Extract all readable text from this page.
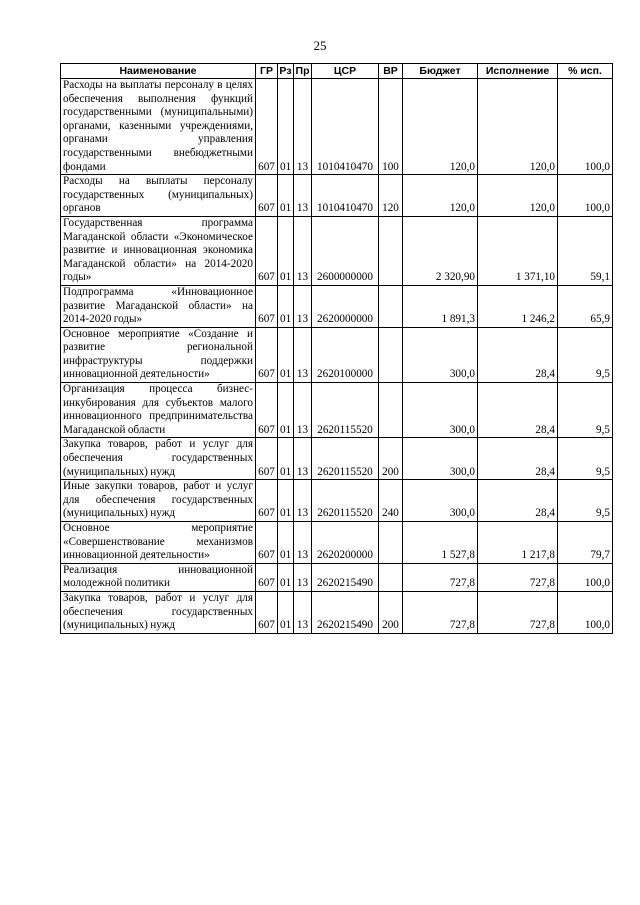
25
Наименование	ГР	Рз	Пр	ЦСР	ВР	Бюджет	Исполнение	% исп.
Расходы на выплаты персоналу в целях обеспечения выполнения функций государственными (муниципальными) органами, казенными учреждениями, органами управления государственными внебюджетными фондами	607	01	13	1010410470	100	120,0	120,0	100,0
Расходы на выплаты персоналу государственных (муниципальных) органов	607	01	13	1010410470	120	120,0	120,0	100,0
Государственная программа Магаданской области «Экономическое развитие и инновационная экономика Магаданской области» на 2014-2020 годы»	607	01	13	2600000000		2 320,90	1 371,10	59,1
Подпрограмма «Инновационное развитие Магаданской области» на 2014-2020 годы»	607	01	13	2620000000		1 891,3	1 246,2	65,9
Основное мероприятие «Создание и развитие региональной инфраструктуры поддержки инновационной деятельности»	607	01	13	2620100000		300,0	28,4	9,5
Организация процесса бизнес-инкубирования для субъектов малого инновационного предпринимательства Магаданской области	607	01	13	2620115520		300,0	28,4	9,5
Закупка товаров, работ и услуг для обеспечения государственных (муниципальных) нужд	607	01	13	2620115520	200	300,0	28,4	9,5
Иные закупки товаров, работ и услуг для обеспечения государственных (муниципальных) нужд	607	01	13	2620115520	240	300,0	28,4	9,5
Основное мероприятие «Совершенствование механизмов инновационной деятельности»	607	01	13	2620200000		1 527,8	1 217,8	79,7
Реализация инновационной молодежной политики	607	01	13	2620215490		727,8	727,8	100,0
Закупка товаров, работ и услуг для обеспечения государственных (муниципальных) нужд	607	01	13	2620215490	200	727,8	727,8	100,0
